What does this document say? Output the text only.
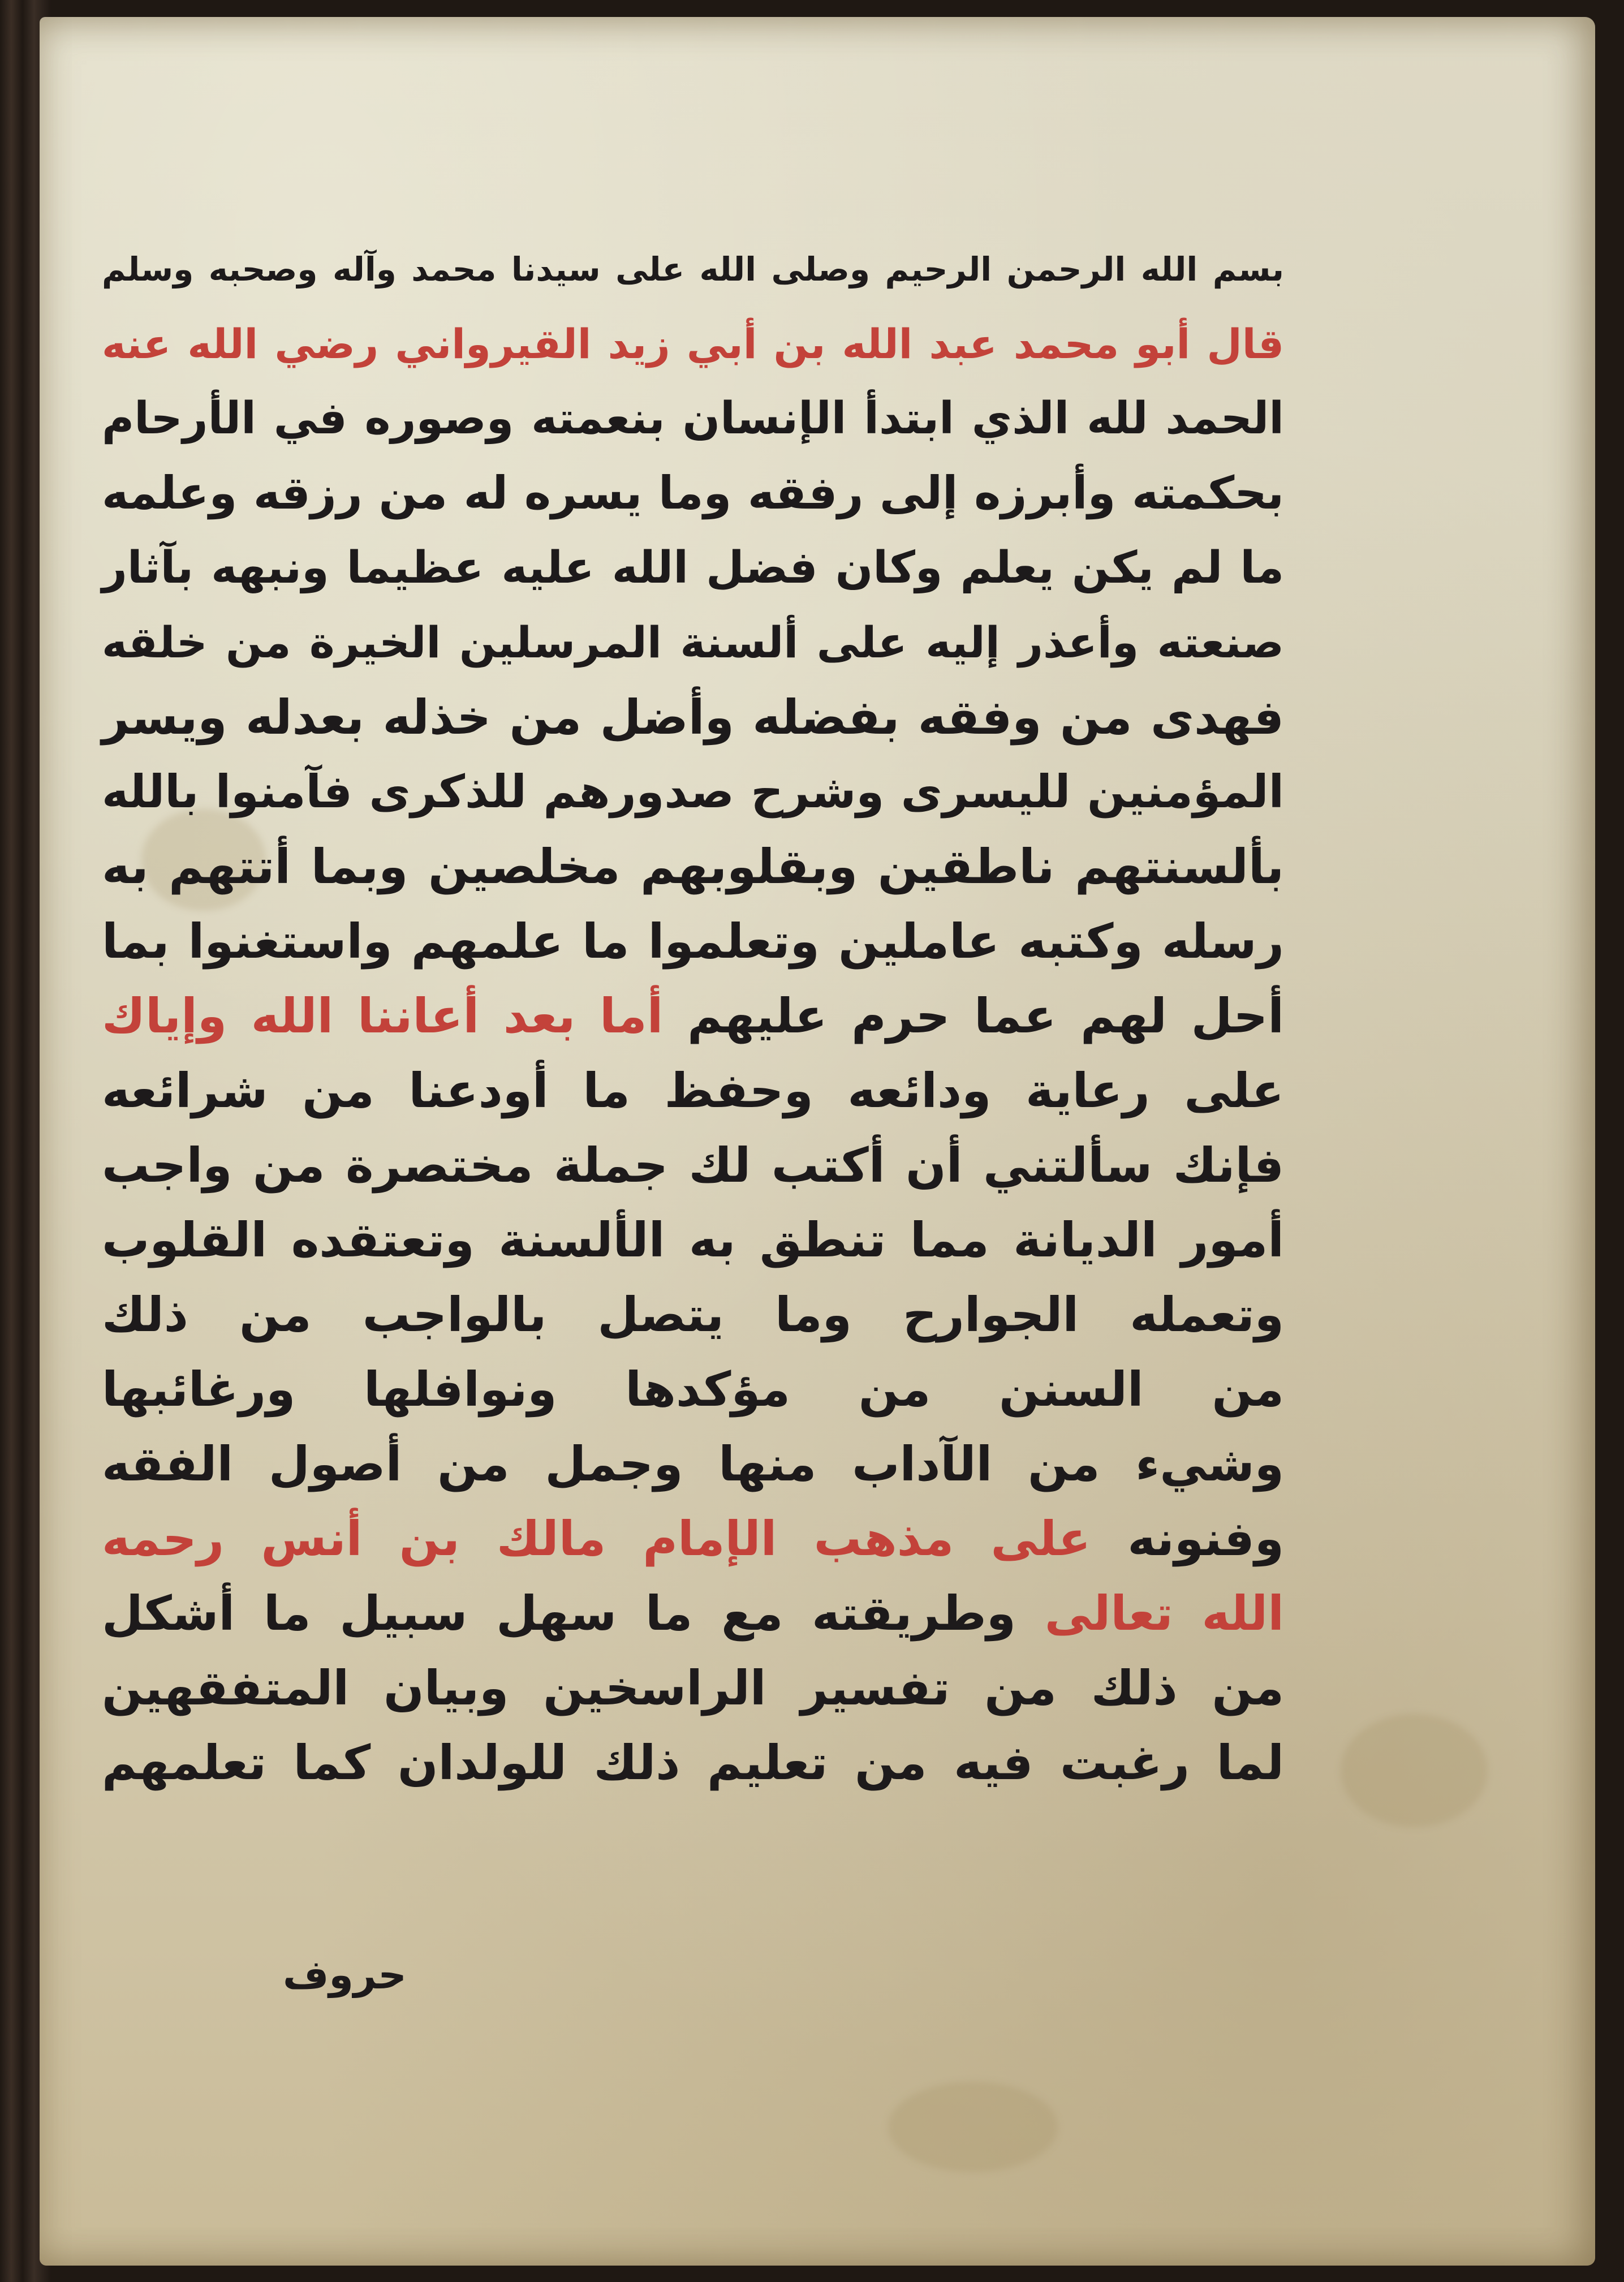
بسم الله الرحمن الرحيم وصلى الله على سيدنا محمد وآله وصحبه وسلم
قال أبو محمد عبد الله بن أبي زيد القيرواني رضي الله عنه
الحمد لله الذي ابتدأ الإنسان بنعمته وصوره في الأرحام
بحكمته وأبرزه إلى رفقه وما يسره له من رزقه وعلمه
ما لم يكن يعلم وكان فضل الله عليه عظيما ونبهه بآثار
صنعته وأعذر إليه على ألسنة المرسلين الخيرة من خلقه
فهدى من وفقه بفضله وأضل من خذله بعدله ويسر
المؤمنين لليسرى وشرح صدورهم للذكرى فآمنوا بالله
بألسنتهم ناطقين وبقلوبهم مخلصين وبما أتتهم به
رسله وكتبه عاملين وتعلموا ما علمهم واستغنوا بما
أحل لهم عما حرم عليهم أما بعد أعاننا الله وإياك
على رعاية ودائعه وحفظ ما أودعنا من شرائعه
فإنك سألتني أن أكتب لك جملة مختصرة من واجب
أمور الديانة مما تنطق به الألسنة وتعتقده القلوب
وتعمله الجوارح وما يتصل بالواجب من ذلك
من السنن من مؤكدها ونوافلها ورغائبها
وشيء من الآداب منها وجمل من أصول الفقه
وفنونه على مذهب الإمام مالك بن أنس رحمه
الله تعالى وطريقته مع ما سهل سبيل ما أشكل
من ذلك من تفسير الراسخين وبيان المتفقهين
لما رغبت فيه من تعليم ذلك للولدان كما تعلمهم
حروف
